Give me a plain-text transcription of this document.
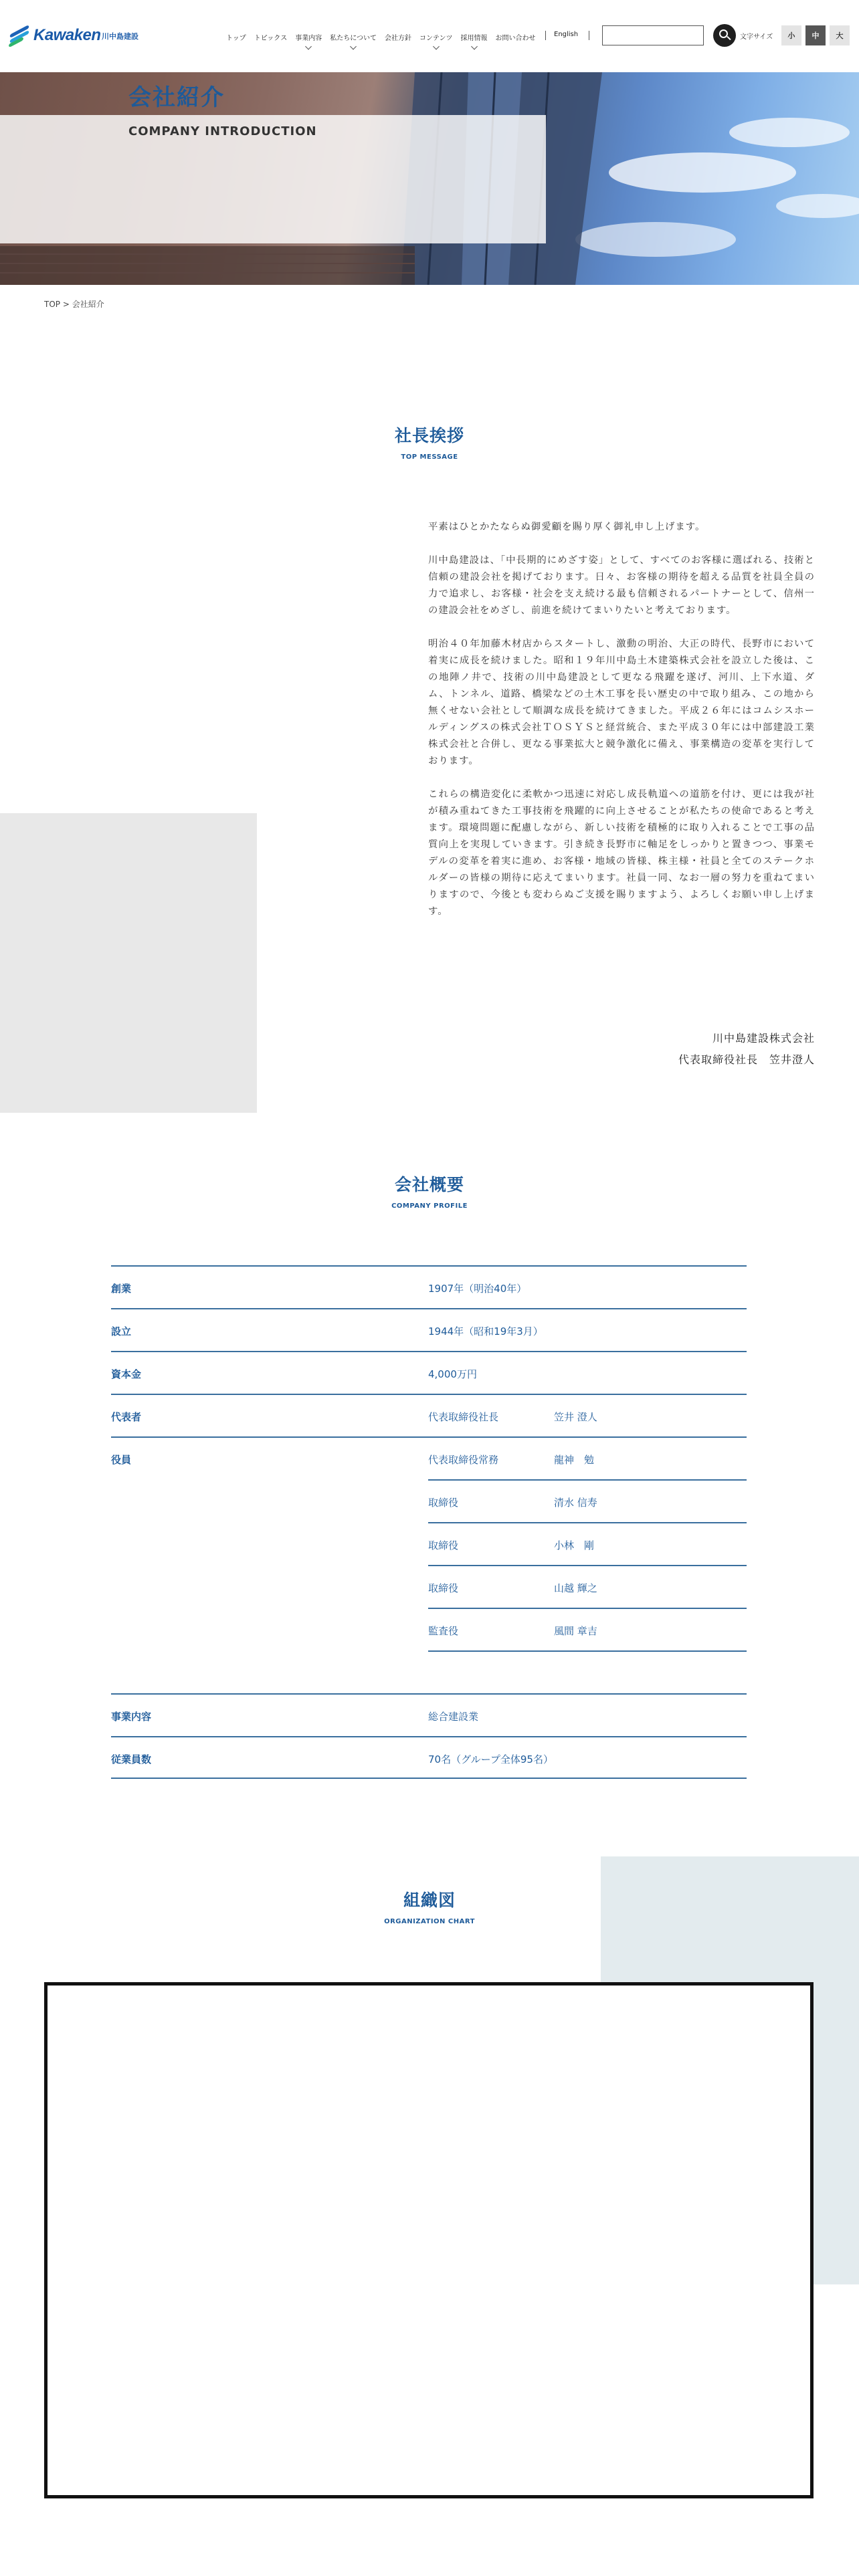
Kawaken 川中島建設	トップ	トピックス	事業内容	私たちについて	会社方針	コンテンツ	採用情報	お問い合わせ
English	文字サイズ	小	中	大
会社紹介
COMPANY INTRODUCTION
TOP > 会社紹介
社長挨拶
TOP MESSAGE

平素はひとかたならぬ御愛顧を賜り厚く御礼申し上げます。

川中島建設は、「中長期的にめざす姿」として、すべてのお客様に選ばれる、技術と信頼の建設会社を掲げております。日々、お客様の期待を超える品質を社員全員の力で追求し、お客様・社会を支え続ける最も信頼されるパートナーとして、信州一の建設会社をめざし、前進を続けてまいりたいと考えております。

明治４０年加藤木材店からスタートし、激動の明治、大正の時代、長野市において着実に成長を続けました。昭和１９年川中島土木建築株式会社を設立した後は、この地陣ノ井で、技術の川中島建設として更なる飛躍を遂げ、河川、上下水道、ダム、トンネル、道路、橋梁などの土木工事を長い歴史の中で取り組み、この地から無くせない会社として順調な成長を続けてきました。平成２６年にはコムシスホールディングスの株式会社ＴＯＳＹＳと経営統合、また平成３０年には中部建設工業株式会社と合併し、更なる事業拡大と競争激化に備え、事業構造の変革を実行しております。

これらの構造変化に柔軟かつ迅速に対応し成長軌道への道筋を付け、更には我が社が積み重ねてきた工事技術を飛躍的に向上させることが私たちの使命であると考えます。環境問題に配慮しながら、新しい技術を積極的に取り入れることで工事の品質向上を実現していきます。引き続き長野市に軸足をしっかりと置きつつ、事業モデルの変革を着実に進め、お客様・地域の皆様、株主様・社員と全てのステークホルダーの皆様の期待に応えてまいります。社員一同、なお一層の努力を重ねてまいりますので、今後とも変わらぬご支援を賜りますよう、よろしくお願い申し上げます。

川中島建設株式会社
代表取締役社長　笠井澄人
会社概要
COMPANY PROFILE
創業	1907年（明治40年）
設立	1944年（昭和19年3月）
資本金	4,000万円
代表者	代表取締役社長	笠井 澄人
役員	代表取締役常務	龍神　勉
取締役	清水 信寿
取締役	小林　剛
取締役	山越 輝之
監査役	風間 章吉
事業内容	総合建設業
従業員数	70名（グループ全体95名）
組織図
ORGANIZATION CHART
